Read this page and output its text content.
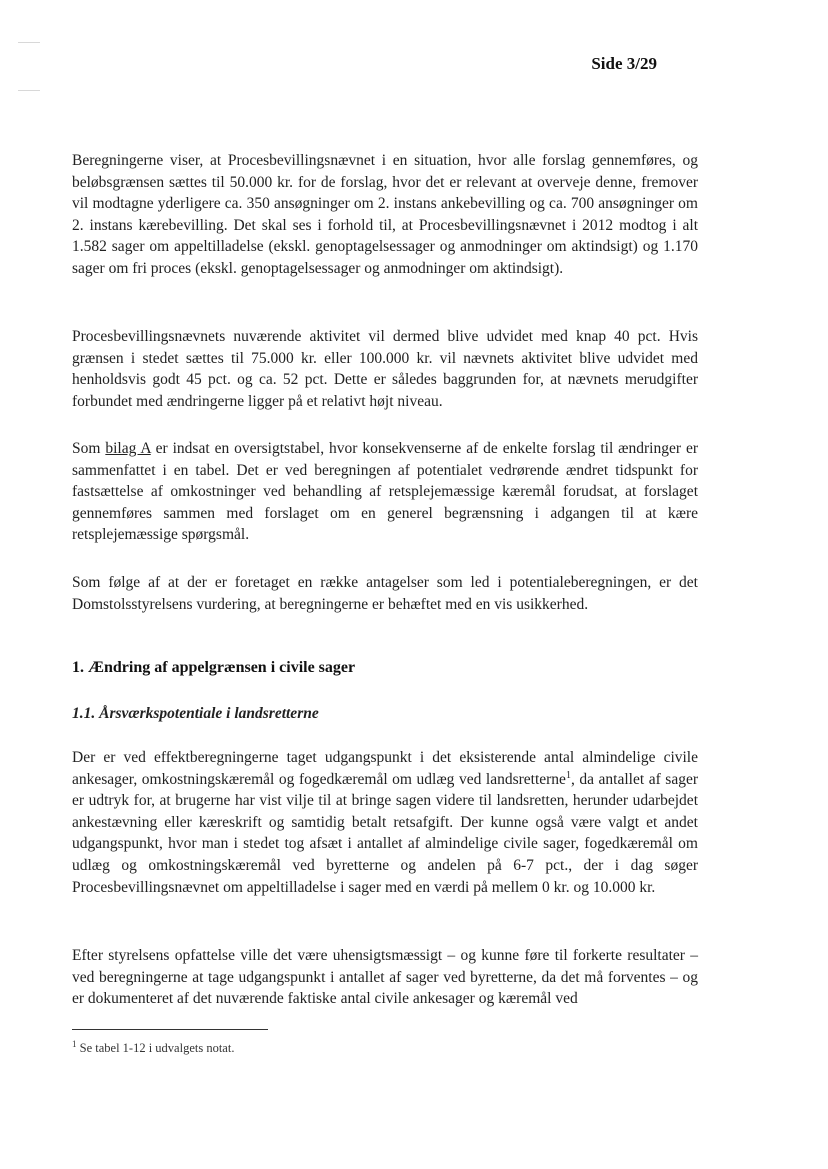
Side 3/29

Beregningerne viser, at Procesbevillingsnævnet i en situation, hvor alle forslag gennemføres, og beløbsgrænsen sættes til 50.000 kr. for de forslag, hvor det er relevant at overveje denne, fremover vil modtagne yderligere ca. 350 ansøgninger om 2. instans ankebevilling og ca. 700 ansøgninger om 2. instans kærebevilling. Det skal ses i forhold til, at Procesbevillingsnævnet i 2012 modtog i alt 1.582 sager om appeltilladelse (ekskl. genoptagelsessager og anmodninger om aktindsigt) og 1.170 sager om fri proces (ekskl. genoptagelsessager og anmodninger om aktindsigt).

Procesbevillingsnævnets nuværende aktivitet vil dermed blive udvidet med knap 40 pct. Hvis grænsen i stedet sættes til 75.000 kr. eller 100.000 kr. vil nævnets aktivitet blive udvidet med henholdsvis godt 45 pct. og ca. 52 pct. Dette er således baggrunden for, at nævnets merudgifter forbundet med ændringerne ligger på et relativt højt niveau.

Som bilag A er indsat en oversigtstabel, hvor konsekvenserne af de enkelte forslag til ændringer er sammenfattet i en tabel. Det er ved beregningen af potentialet vedrørende ændret tidspunkt for fastsættelse af omkostninger ved behandling af retsplejemæssige kæremål forudsat, at forslaget gennemføres sammen med forslaget om en generel begrænsning i adgangen til at kære retsplejemæssige spørgsmål.

Som følge af at der er foretaget en række antagelser som led i potentialeberegningen, er det Domstolsstyrelsens vurdering, at beregningerne er behæftet med en vis usikkerhed.

1. Ændring af appelgrænsen i civile sager
1.1. Årsværkspotentiale i landsretterne

Der er ved effektberegningerne taget udgangspunkt i det eksisterende antal almindelige civile ankesager, omkostningskæremål og fogedkæremål om udlæg ved landsretterne$^1$, da antallet af sager er udtryk for, at brugerne har vist vilje til at bringe sagen videre til landsretten, herunder udarbejdet ankestævning eller kæreskrift og samtidig betalt retsafgift. Der kunne også være valgt et andet udgangspunkt, hvor man i stedet tog afsæt i antallet af almindelige civile sager, fogedkæremål om udlæg og omkostningskæremål ved byretterne og andelen på 6-7 pct., der i dag søger Procesbevillingsnævnet om appeltilladelse i sager med en værdi på mellem 0 kr. og 10.000 kr.

Efter styrelsens opfattelse ville det være uhensigtsmæssigt – og kunne føre til forkerte resultater – ved beregningerne at tage udgangspunkt i antallet af sager ved byretterne, da det må forventes – og er dokumenteret af det nuværende faktiske antal civile ankesager og kæremål ved

$^1$ Se tabel 1-12 i udvalgets notat.
